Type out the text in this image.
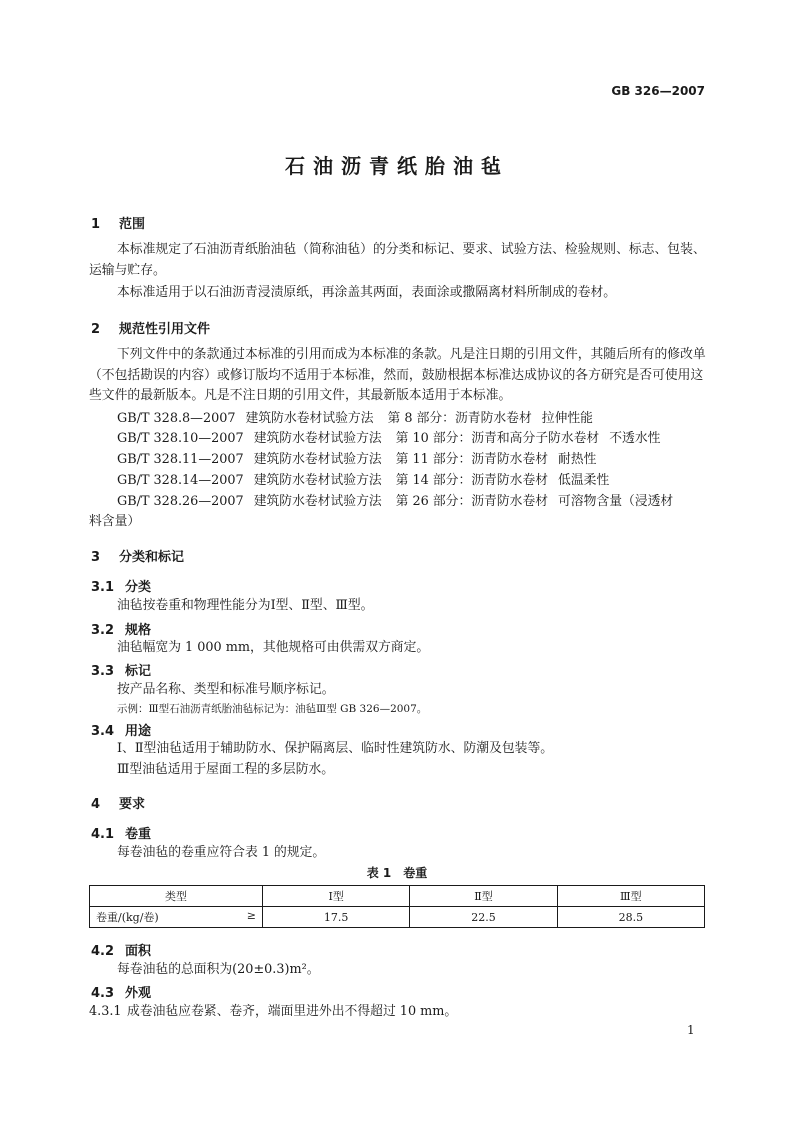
GB 326—2007
石油沥青纸胎油毡
1 范围
本标准规定了石油沥青纸胎油毡（简称油毡）的分类和标记、要求、试验方法、检验规则、标志、包装、运输与贮存。
本标准适用于以石油沥青浸渍原纸，再涂盖其两面，表面涂或撒隔离材料所制成的卷材。
2 规范性引用文件
下列文件中的条款通过本标准的引用而成为本标准的条款。凡是注日期的引用文件，其随后所有的修改单（不包括勘误的内容）或修订版均不适用于本标准，然而，鼓励根据本标准达成协议的各方研究是否可使用这些文件的最新版本。凡是不注日期的引用文件，其最新版本适用于本标准。
GB/T 328.8—2007 建筑防水卷材试验方法 第 8 部分：沥青防水卷材 拉伸性能
GB/T 328.10—2007 建筑防水卷材试验方法 第 10 部分：沥青和高分子防水卷材 不透水性
GB/T 328.11—2007 建筑防水卷材试验方法 第 11 部分：沥青防水卷材 耐热性
GB/T 328.14—2007 建筑防水卷材试验方法 第 14 部分：沥青防水卷材 低温柔性
GB/T 328.26—2007 建筑防水卷材试验方法 第 26 部分：沥青防水卷材 可溶物含量（浸透材
料含量）
3 分类和标记
3.1 分类
油毡按卷重和物理性能分为Ⅰ型、Ⅱ型、Ⅲ型。
3.2 规格
油毡幅宽为 1 000 mm，其他规格可由供需双方商定。
3.3 标记
按产品名称、类型和标准号顺序标记。
示例：Ⅲ型石油沥青纸胎油毡标记为：油毡Ⅲ型 GB 326—2007。
3.4 用途
Ⅰ、Ⅱ型油毡适用于辅助防水、保护隔离层、临时性建筑防水、防潮及包装等。
Ⅲ型油毡适用于屋面工程的多层防水。
4 要求
4.1 卷重
每卷油毡的卷重应符合表 1 的规定。
表 1　卷重
类型	Ⅰ型	Ⅱ型	Ⅲ型
卷重/(kg/卷) ≥	17.5	22.5	28.5
4.2 面积
每卷油毡的总面积为(20±0.3)m²。
4.3 外观
4.3.1 成卷油毡应卷紧、卷齐，端面里进外出不得超过 10 mm。
1
